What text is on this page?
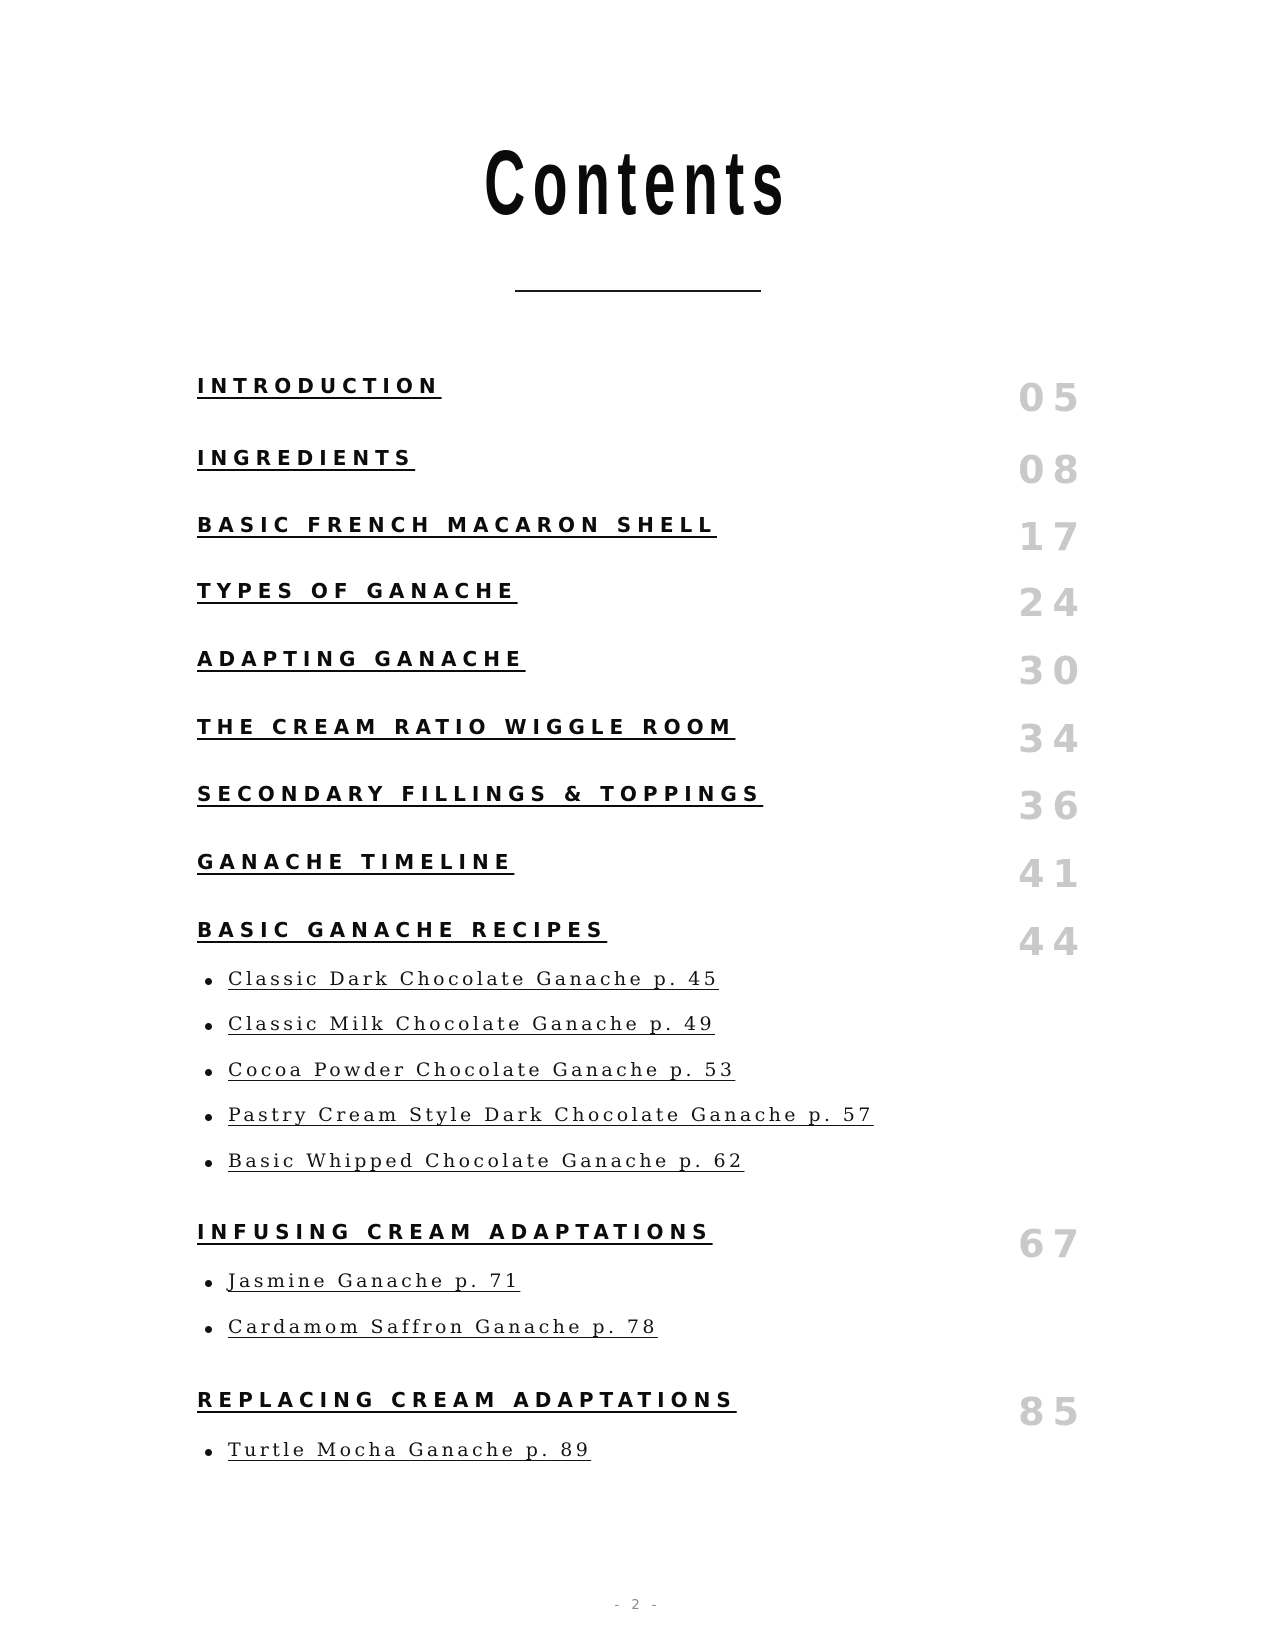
Contents
INTRODUCTION	05
INGREDIENTS	08
BASIC FRENCH MACARON SHELL	17
TYPES OF GANACHE	24
ADAPTING GANACHE	30
THE CREAM RATIO WIGGLE ROOM	34
SECONDARY FILLINGS & TOPPINGS	36
GANACHE TIMELINE	41
BASIC GANACHE RECIPES	44
Classic Dark Chocolate Ganache p. 45
Classic Milk Chocolate Ganache p. 49
Cocoa Powder Chocolate Ganache p. 53
Pastry Cream Style Dark Chocolate Ganache p. 57
Basic Whipped Chocolate Ganache p. 62
INFUSING CREAM ADAPTATIONS	67
Jasmine Ganache p. 71
Cardamom Saffron Ganache p. 78
REPLACING CREAM ADAPTATIONS	85
Turtle Mocha Ganache p. 89
- 2 -
